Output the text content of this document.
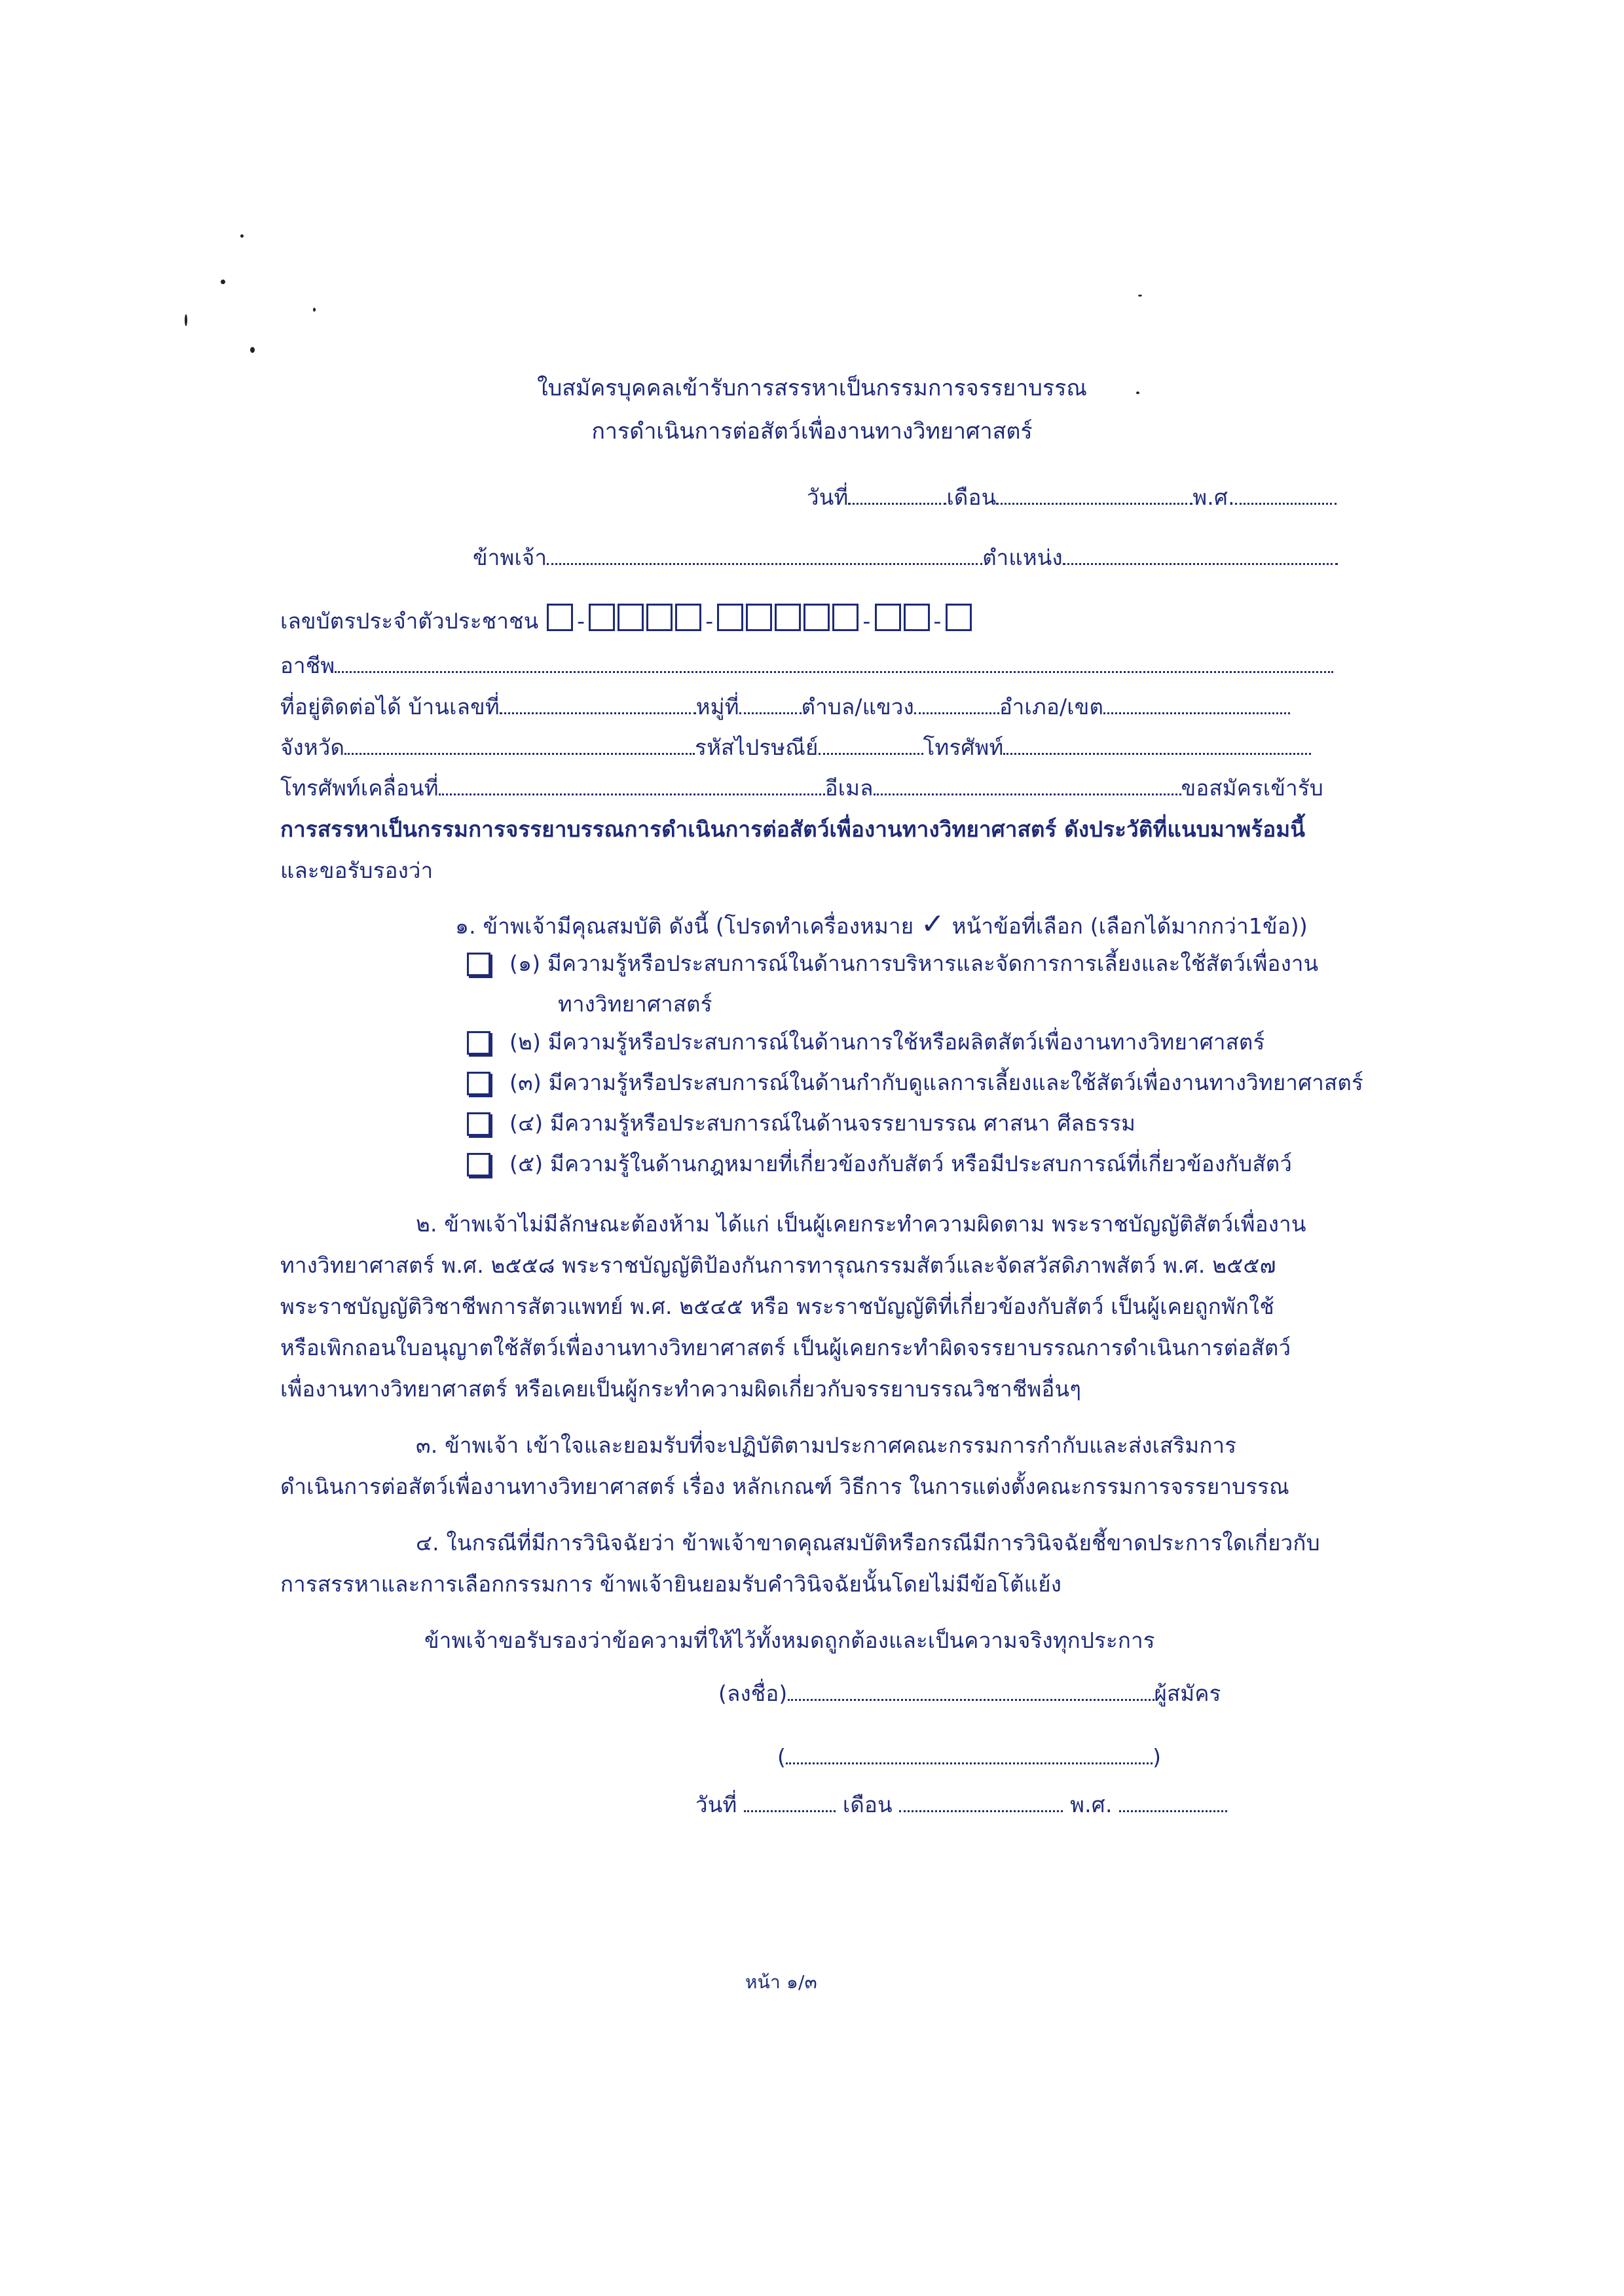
ใบสมัครบุคคลเข้ารับการสรรหาเป็นกรรมการจรรยาบรรณ
การดำเนินการต่อสัตว์เพื่องานทางวิทยาศาสตร์
วันที่	เดือน	พ.ศ.
ข้าพเจ้า	ตำแหน่ง
เลขบัตรประจำตัวประชาชน -	-	-	-
อาชีพ
ที่อยู่ติดต่อได้ บ้านเลขที่	หมู่ที่	ตำบล/แขวง	อำเภอ/เขต
จังหวัด	รหัสไปรษณีย์	โทรศัพท์
โทรศัพท์เคลื่อนที่	อีเมล	ขอสมัครเข้ารับ
การสรรหาเป็นกรรมการจรรยาบรรณการดำเนินการต่อสัตว์เพื่องานทางวิทยาศาสตร์ ดังประวัติที่แนบมาพร้อมนี้
และขอรับรองว่า
๑. ข้าพเจ้ามีคุณสมบัติ ดังนี้ (โปรดทำเครื่องหมาย ✓ หน้าข้อที่เลือก (เลือกได้มากกว่า1ข้อ))
(๑) มีความรู้หรือประสบการณ์ในด้านการบริหารและจัดการการเลี้ยงและใช้สัตว์เพื่องาน
ทางวิทยาศาสตร์
(๒) มีความรู้หรือประสบการณ์ในด้านการใช้หรือผลิตสัตว์เพื่องานทางวิทยาศาสตร์
(๓) มีความรู้หรือประสบการณ์ในด้านกำกับดูแลการเลี้ยงและใช้สัตว์เพื่องานทางวิทยาศาสตร์
(๔) มีความรู้หรือประสบการณ์ในด้านจรรยาบรรณ ศาสนา ศีลธรรม
(๕) มีความรู้ในด้านกฎหมายที่เกี่ยวข้องกับสัตว์ หรือมีประสบการณ์ที่เกี่ยวข้องกับสัตว์
๒. ข้าพเจ้าไม่มีลักษณะต้องห้าม ได้แก่ เป็นผู้เคยกระทำความผิดตาม พระราชบัญญัติสัตว์เพื่องาน
ทางวิทยาศาสตร์ พ.ศ. ๒๕๕๘ พระราชบัญญัติป้องกันการทารุณกรรมสัตว์และจัดสวัสดิภาพสัตว์ พ.ศ. ๒๕๕๗
พระราชบัญญัติวิชาชีพการสัตวแพทย์ พ.ศ. ๒๕๔๕ หรือ พระราชบัญญัติที่เกี่ยวข้องกับสัตว์ เป็นผู้เคยถูกพักใช้
หรือเพิกถอนใบอนุญาตใช้สัตว์เพื่องานทางวิทยาศาสตร์ เป็นผู้เคยกระทำผิดจรรยาบรรณการดำเนินการต่อสัตว์
เพื่องานทางวิทยาศาสตร์ หรือเคยเป็นผู้กระทำความผิดเกี่ยวกับจรรยาบรรณวิชาชีพอื่นๆ
๓. ข้าพเจ้า เข้าใจและยอมรับที่จะปฏิบัติตามประกาศคณะกรรมการกำกับและส่งเสริมการ
ดำเนินการต่อสัตว์เพื่องานทางวิทยาศาสตร์ เรื่อง หลักเกณฑ์ วิธีการ ในการแต่งตั้งคณะกรรมการจรรยาบรรณ
๔. ในกรณีที่มีการวินิจฉัยว่า ข้าพเจ้าขาดคุณสมบัติหรือกรณีมีการวินิจฉัยชี้ขาดประการใดเกี่ยวกับ
การสรรหาและการเลือกกรรมการ ข้าพเจ้ายินยอมรับคำวินิจฉัยนั้นโดยไม่มีข้อโต้แย้ง
ข้าพเจ้าขอรับรองว่าข้อความที่ให้ไว้ทั้งหมดถูกต้องและเป็นความจริงทุกประการ
(ลงชื่อ)	ผู้สมัคร
(	)
วันที่	เดือน	พ.ศ.
หน้า ๑/๓
